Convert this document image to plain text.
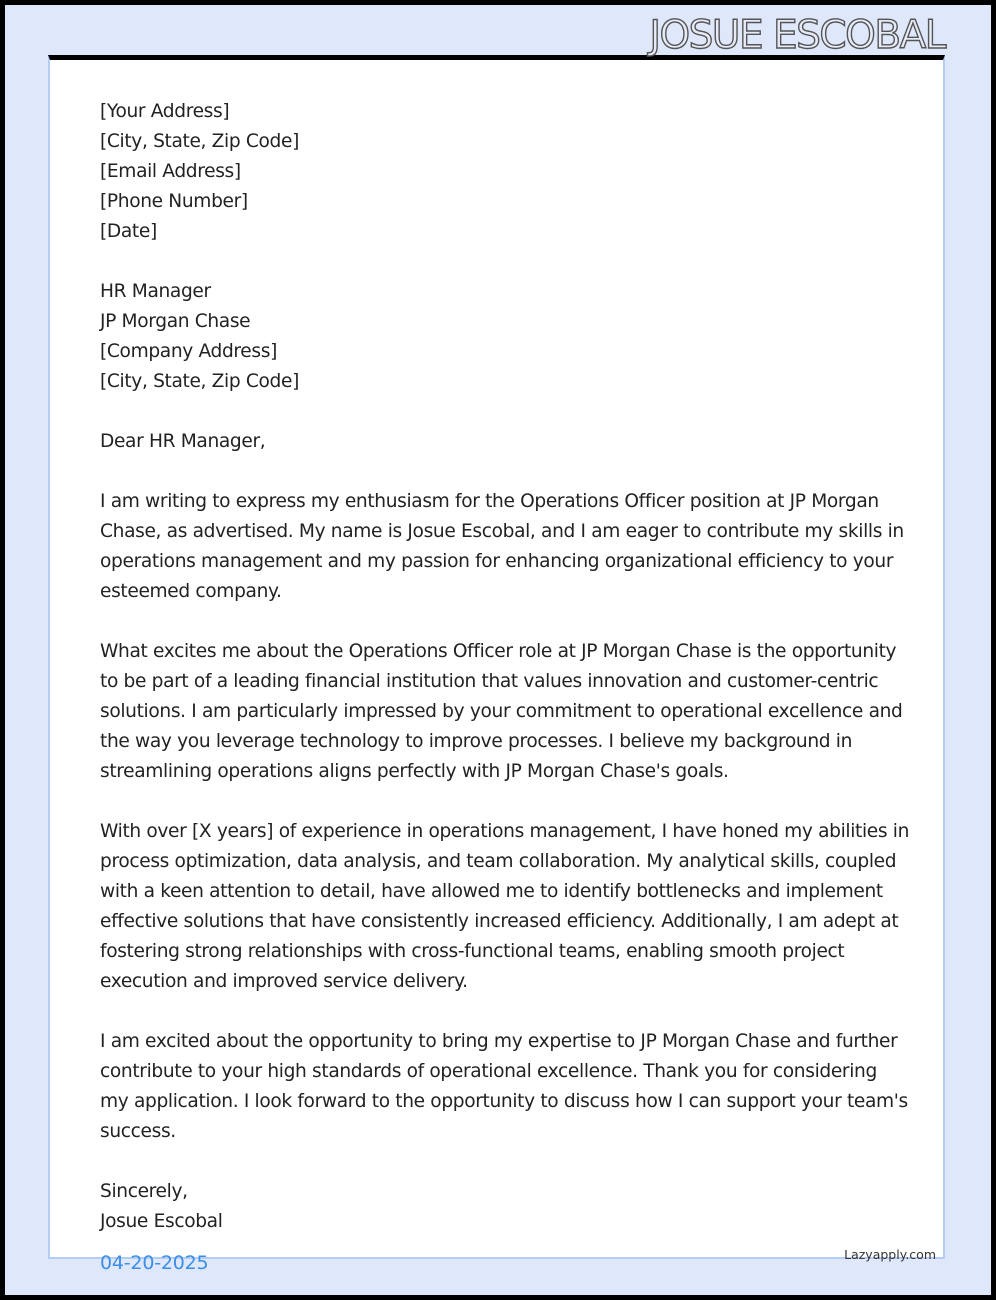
JOSUE ESCOBAL
[Your Address]
[City, State, Zip Code]
[Email Address]
[Phone Number]
[Date]
HR Manager
JP Morgan Chase
[Company Address]
[City, State, Zip Code]
Dear HR Manager,

I am writing to express my enthusiasm for the Operations Officer position at JP Morgan
Chase, as advertised. My name is Josue Escobal, and I am eager to contribute my skills in
operations management and my passion for enhancing organizational efficiency to your
esteemed company.

What excites me about the Operations Officer role at JP Morgan Chase is the opportunity
to be part of a leading financial institution that values innovation and customer-centric
solutions. I am particularly impressed by your commitment to operational excellence and
the way you leverage technology to improve processes. I believe my background in
streamlining operations aligns perfectly with JP Morgan Chase's goals.

With over [X years] of experience in operations management, I have honed my abilities in
process optimization, data analysis, and team collaboration. My analytical skills, coupled
with a keen attention to detail, have allowed me to identify bottlenecks and implement
effective solutions that have consistently increased efficiency. Additionally, I am adept at
fostering strong relationships with cross-functional teams, enabling smooth project
execution and improved service delivery.

I am excited about the opportunity to bring my expertise to JP Morgan Chase and further
contribute to your high standards of operational excellence. Thank you for considering
my application. I look forward to the opportunity to discuss how I can support your team's
success.

Sincerely,
Josue Escobal
04-20-2025	Lazyapply.com
